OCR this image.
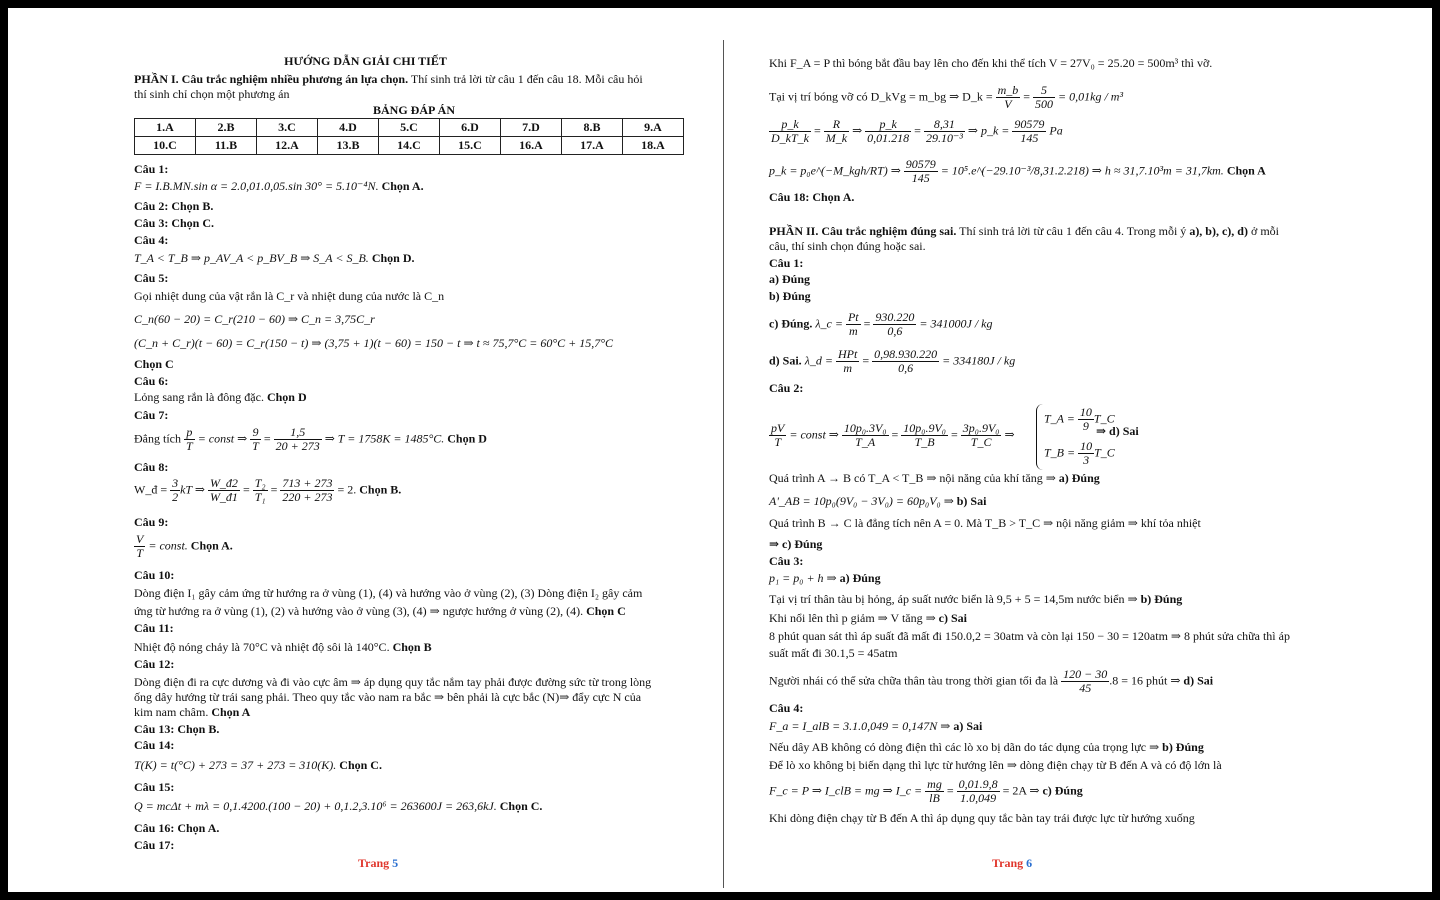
HƯỚNG DẪN GIẢI CHI TIẾT
PHẦN I. Câu trắc nghiệm nhiều phương án lựa chọn. Thí sinh trả lời từ câu 1 đến câu 18. Mỗi câu hỏi
thí sinh chỉ chọn một phương án
BẢNG ĐÁP ÁN
1.A	2.B	3.C	4.D	5.C	6.D	7.D	8.B	9.A
10.C	11.B	12.A	13.B	14.C	15.C	16.A	17.A	18.A
Câu 1:
F = I.B.MN.sin α = 2.0,01.0,05.sin 30° = 5.10⁻⁴N. Chọn A.
Câu 2: Chọn B.
Câu 3: Chọn C.
Câu 4:
T_A < T_B ⇒ p_AV_A < p_BV_B ⇒ S_A < S_B. Chọn D.
Câu 5:
Gọi nhiệt dung của vật rắn là C_r và nhiệt dung của nước là C_n
C_n(60 − 20) = C_r(210 − 60) ⇒ C_n = 3,75C_r
(C_n + C_r)(t − 60) = C_r(150 − t) ⇒ (3,75 + 1)(t − 60) = 150 − t ⇒ t ≈ 75,7°C = 60°C + 15,7°C
Chọn C
Câu 6:
Lỏng sang rắn là đông đặc. Chọn D
Câu 7:
Đẳng tích $\frac{p}{T}$ = const ⇒ $\frac{9}{T} = \frac{1,5}{20 + 273}$ ⇒ T = 1758K = 1485°C. Chọn D
Câu 8:
W_đ = $\frac{3}{2}$ kT ⇒ $\frac{W\_đ2}{W\_đ1} = \frac{\text{T₂}}{\text{T₁}} = \frac{713 + 273}{220 + 273} = 2$. Chọn B.
Câu 9:
$\frac{V}{T}$ = const. Chọn A.
Câu 10:
Dòng điện I₁ gây cảm ứng từ hướng ra ở vùng (1), (4) và hướng vào ở vùng (2), (3) Dòng điện I₂ gây cảm
ứng từ hướng ra ở vùng (1), (2) và hướng vào ở vùng (3), (4) ⇒ ngược hướng ở vùng (2), (4). Chọn C
Câu 11:
Nhiệt độ nóng chảy là 70°C và nhiệt độ sôi là 140°C. Chọn B
Câu 12:
Dòng điện đi ra cực dương và đi vào cực âm ⇒ áp dụng quy tắc nắm tay phải được đường sức từ trong lòng
ống dây hướng từ trái sang phải. Theo quy tắc vào nam ra bắc ⇒ bên phải là cực bắc (N)⇒ đẩy cực N của
kim nam châm. Chọn A
Câu 13: Chọn B.
Câu 14:
T(K) = t(°C) + 273 = 37 + 273 = 310(K). Chọn C.
Câu 15:
Q = mcΔt + mλ = 0,1.4200.(100 − 20) + 0,1.2,3.10⁶ = 263600J = 263,6kJ. Chọn C.
Câu 16: Chọn A.
Câu 17:
Trang 5
Khi F_A = P thì bóng bắt đầu bay lên cho đến khi thể tích V = 27V₀ = 25.20 = 500m³ thì vỡ.
Tại vị trí bóng vỡ có D_kVg = m_bg ⇒ D_k = $\frac{m\_b}{V} = \frac{5}{500} = 0,01kg / m^3$
$\frac{p\_k}{D\_kT\_k} = \frac{R}{M\_k}$ ⇒ $\frac{p\_k}{0,01.218} = \frac{8,31}{\text{29.10⁻³}}$ ⇒ p_k = $\frac{90579}{145}$ Pa
p_k = p₀e^(−M_kgh/RT) ⇒ $\frac{90579}{145}$ = 10⁵.e^(−29.10⁻³/8,31.2.218) ⇒ h ≈ 31,7.10³m = 31,7km. Chọn A
Câu 18: Chọn A.
PHẦN II. Câu trắc nghiệm đúng sai. Thí sinh trả lời từ câu 1 đến câu 4. Trong mỗi ý a), b), c), d) ở mỗi
câu, thí sinh chọn đúng hoặc sai.
Câu 1:
a) Đúng
b) Đúng
c) Đúng. λ_c = $\frac{Pt}{m} = \frac{930.220}{0,6} = 341000J$ / kg
d) Sai. λ_d = $\frac{\text{HPt}}{m} = \frac{0,98.930.220}{0,6} = 334180J$ / kg
Câu 2:
$\frac{pV}{T}$ = const ⇒ $\frac{\text{10p₀.3V₀}}{T\_A} = \frac{\text{10p₀.9V₀}}{T\_B} = \frac{\text{3p₀.9V₀}}{T\_C}$ ⇒
T_A = $\frac{10}{9}$ T_C
T_B = $\frac{10}{3}$ T_C
⇒ d) Sai
Quá trình A → B có T_A < T_B ⇒ nội năng của khí tăng ⇒ a) Đúng
A'_AB = 10p₀(9V₀ − 3V₀) = 60p₀V₀ ⇒ b) Sai
Quá trình B → C là đẳng tích nên A = 0. Mà T_B > T_C ⇒ nội năng giảm ⇒ khí tỏa nhiệt
⇒ c) Đúng
Câu 3:
p₁ = p₀ + h ⇒ a) Đúng
Tại vị trí thân tàu bị hỏng, áp suất nước biển là 9,5 + 5 = 14,5m nước biển ⇒ b) Đúng
Khi nổi lên thì p giảm ⇒ V tăng ⇒ c) Sai
8 phút quan sát thì áp suất đã mất đi 150.0,2 = 30atm và còn lại 150 − 30 = 120atm ⇒ 8 phút sửa chữa thì áp
suất mất đi 30.1,5 = 45atm
Người nhái có thể sửa chữa thân tàu trong thời gian tối đa là $\frac{120 - 30}{45} .8 = 16$ phút ⇒ d) Sai
Câu 4:
F_a = I_alB = 3.1.0,049 = 0,147N ⇒ a) Sai
Nếu dây AB không có dòng điện thì các lò xo bị dãn do tác dụng của trọng lực ⇒ b) Đúng
Để lò xo không bị biến dạng thì lực từ hướng lên ⇒ dòng điện chạy từ B đến A và có độ lớn là
F_c = P ⇒ I_clB = mg ⇒ I_c = $\frac{mg}{lB} = \frac{0,01.9,8}{1.0,049} = 2A$ ⇒ c) Đúng
Khi dòng điện chạy từ B đến A thì áp dụng quy tắc bàn tay trái được lực từ hướng xuống
Trang 6
